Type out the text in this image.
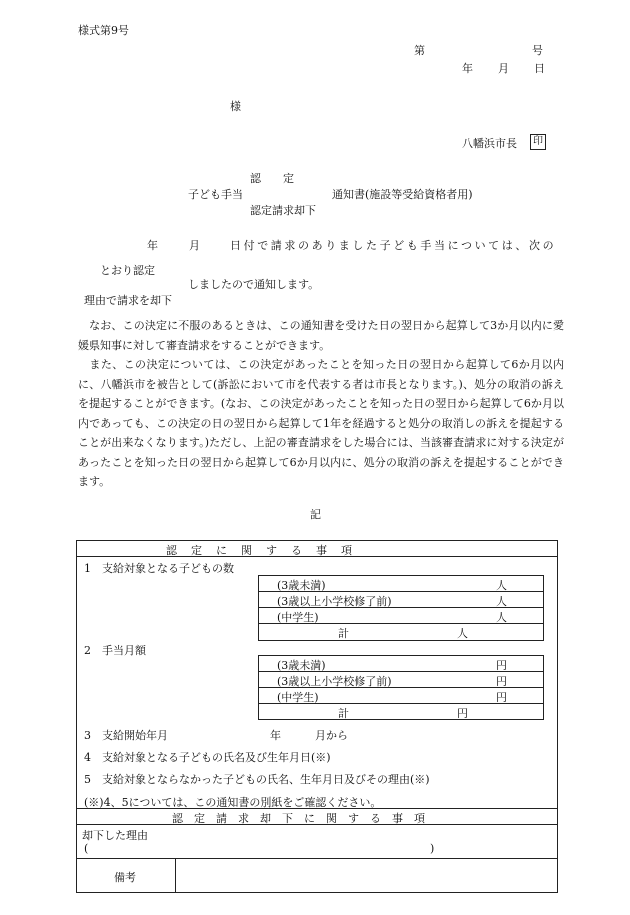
様式第9号
第	号
年 月 日
様
八幡浜市長	印
認　　定
子ども手当	通知書(施設等受給資格者用)
認定請求却下
年	月	日付で請求のありました子ども手当については、次の
とおり認定
しましたので通知します。
理由で請求を却下
　なお、この決定に不服のあるときは、この通知書を受けた日の翌日から起算して3か月以内に愛媛県知事に対して審査請求をすることができます。
　また、この決定については、この決定があったことを知った日の翌日から起算して6か月以内に、八幡浜市を被告として(訴訟において市を代表する者は市長となります。)、処分の取消の訴えを提起することができます。(なお、この決定があったことを知った日の翌日から起算して6か月以内であっても、この決定の日の翌日から起算して1年を経過すると処分の取消しの訴えを提起することが出来なくなります。)ただし、上記の審査請求をした場合には、当該審査請求に対する決定があったことを知った日の翌日から起算して6か月以内に、処分の取消の訴えを提起することができます。
記
認定に関する事項
1　支給対象となる子どもの数
(3歳未満)	人
(3歳以上小学校修了前)	人
(中学生)	人
計	人
2　手当月額
(3歳未満)	円
(3歳以上小学校修了前)	円
(中学生)	円
計	円
3　支給開始年月	年	月から
4　支給対象となる子どもの氏名及び生年月日(※)
5　支給対象とならなかった子どもの氏名、生年月日及びその理由(※)
(※)4、5については、この通知書の別紙をご確認ください。
認定請求却下に関する事項
却下した理由
(	)
備考
